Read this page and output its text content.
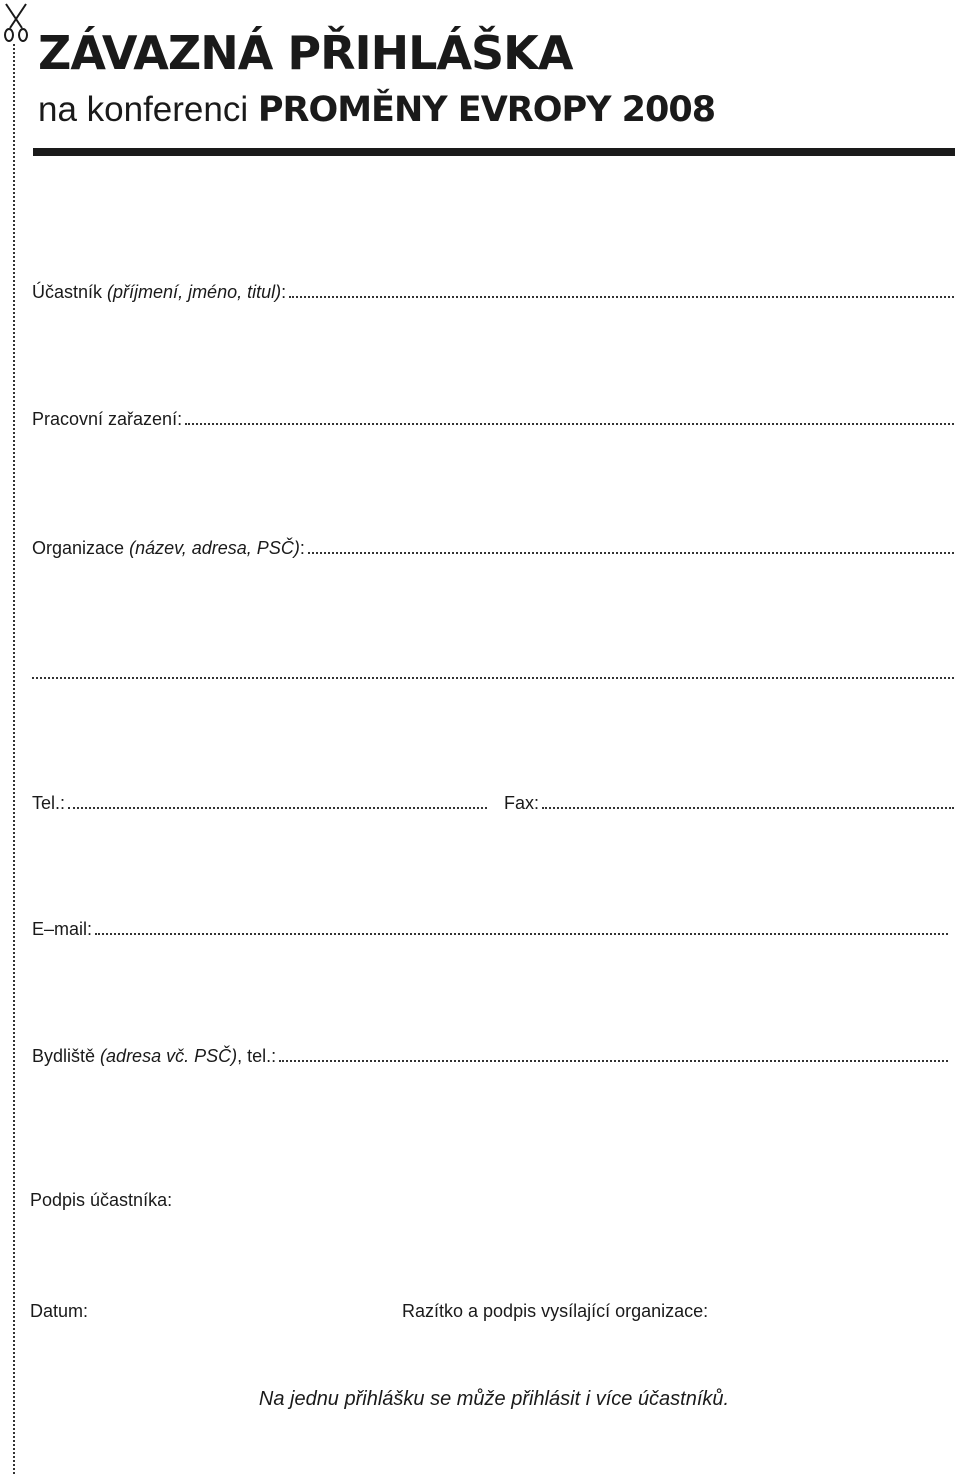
ZÁVAZNÁ PŘIHLÁŠKA
na konferenci PROMĚNY EVROPY 2008
Účastník (příjmení, jméno, titul):
Pracovní zařazení:
Organizace (název, adresa, PSČ):
Tel.:	Fax:
E–mail:
Bydliště (adresa vč. PSČ), tel.:
Podpis účastníka:
Datum:	Razítko a podpis vysílající organizace:
Na jednu přihlášku se může přihlásit i více účastníků.
